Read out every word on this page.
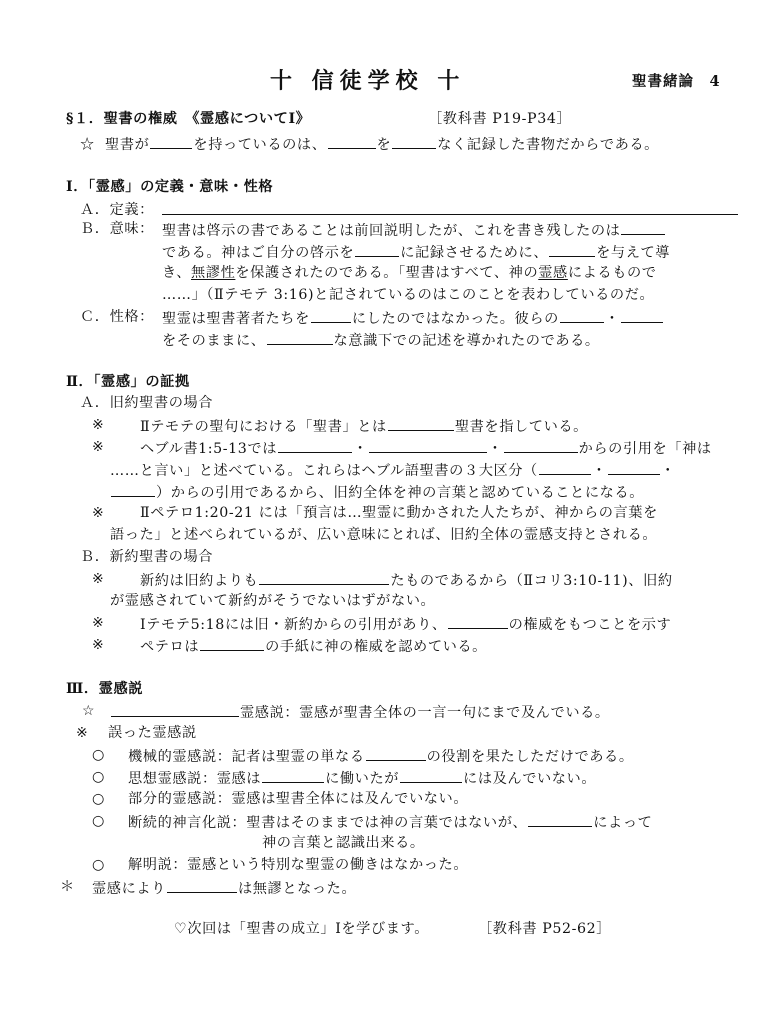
十 信徒学校 十	聖書緒論　4
§１．聖書の権威　《霊感についてⅠ》	［教科書 P19-P34］
☆ 聖書が	を持っているのは、	を	なく記録した書物だからである。
Ⅰ．「霊感」の定義・意味・性格
Ａ．定義：
Ｂ．意味： 聖書は啓示の書であることは前回説明したが、これを書き残したのは
である。神はご自分の啓示を	に記録させるために、	を与えて導
き、無謬性を保護されたのである。「聖書はすべて、神の霊感によるもので
……」（Ⅱテモテ 3:16)と記されているのはこのことを表わしているのだ。
Ｃ．性格： 聖霊は聖書著者たちを	にしたのではなかった。彼らの	・
をそのままに、	な意識下での記述を導かれたのである。
Ⅱ．「霊感」の証拠
Ａ．旧約聖書の場合
※	Ⅱテモテの聖句における「聖書」とは	聖書を指している。
※	ヘブル書1:5-13では	・	・	からの引用を「神は
……と言い」と述べている。これらはヘブル語聖書の３大区分（	・	・
）からの引用であるから、旧約全体を神の言葉と認めていることになる。
※	Ⅱペテロ1:20-21 には「預言は…聖霊に動かされた人たちが、神からの言葉を
語った」と述べられているが、広い意味にとれば、旧約全体の霊感支持とされる。
Ｂ．新約聖書の場合
※	新約は旧約よりも	たものであるから（Ⅱコリ3:10-11)、旧約
が霊感されていて新約がそうでないはずがない。
※	Ⅰテモテ5:18には旧・新約からの引用があり、	の権威をもつことを示す
※	ペテロは	の手紙に神の権威を認めている。
Ⅲ．霊感説
☆	霊感説：霊感が聖書全体の一言一句にまで及んでいる。
※ 誤った霊感説
○ 機械的霊感説：記者は聖霊の単なる	の役割を果たしただけである。
○ 思想霊感説：霊感は	に働いたが	には及んでいない。
○ 部分的霊感説：霊感は聖書全体には及んでいない。
○ 断続的神言化説：聖書はそのままでは神の言葉ではないが、	によって
神の言葉と認識出来る。
○ 解明説：霊感という特別な聖霊の働きはなかった。
＊ 霊感により	は無謬となった。
♡次回は「聖書の成立」Ⅰを学びます。	［教科書 P52-62］
